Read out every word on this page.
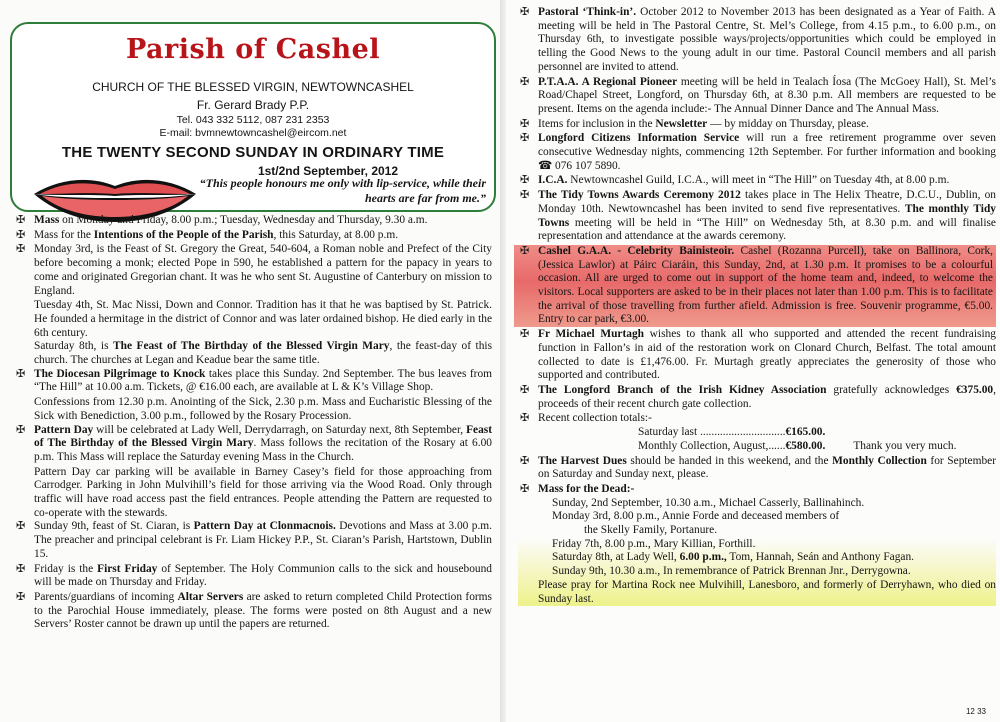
Parish of Cashel
CHURCH OF THE BLESSED VIRGIN, NEWTOWNCASHEL
Fr. Gerard Brady P.P.
Tel. 043 332 5112, 087 231 2353
E-mail: bvmnewtowncashel@eircom.net
THE TWENTY SECOND SUNDAY IN ORDINARY TIME
1st/2nd September, 2012
“This people honours me only with lip-service, while their hearts are far from me.”
✠ Mass on Monday and Friday, 8.00 p.m.; Tuesday, Wednesday and Thursday, 9.30 a.m.

✠ Mass for the Intentions of the People of the Parish, this Saturday, at 8.00 p.m.

✠ Monday 3rd, is the Feast of St. Gregory the Great, 540-604, a Roman noble and Prefect of the City before becoming a monk; elected Pope in 590, he established a pattern for the papacy in years to come and originated Gregorian chant. It was he who sent St. Augustine of Canterbury on mission to England.

Tuesday 4th, St. Mac Nissi, Down and Connor. Tradition has it that he was baptised by St. Patrick. He founded a hermitage in the district of Connor and was later ordained bishop. He died early in the 6th century.

Saturday 8th, is The Feast of The Birthday of the Blessed Virgin Mary, the feast-day of this church. The churches at Legan and Keadue bear the same title.

✠ The Diocesan Pilgrimage to Knock takes place this Sunday. 2nd September. The bus leaves from “The Hill” at 10.00 a.m. Tickets, @ €16.00 each, are available at L & K’s Village Shop.

Confessions from 12.30 p.m. Anointing of the Sick, 2.30 p.m. Mass and Eucharistic Blessing of the Sick with Benediction, 3.00 p.m., followed by the Rosary Procession.

✠ Pattern Day will be celebrated at Lady Well, Derrydarragh, on Saturday next, 8th September, Feast of The Birthday of the Blessed Virgin Mary. Mass follows the recitation of the Rosary at 6.00 p.m. This Mass will replace the Saturday evening Mass in the Church.

Pattern Day car parking will be available in Barney Casey’s field for those approaching from Carrodger. Parking in John Mulvihill’s field for those arriving via the Wood Road. Only through traffic will have road access past the field entrances. People attending the Pattern are requested to co-operate with the stewards.

✠ Sunday 9th, feast of St. Ciaran, is Pattern Day at Clonmacnois. Devotions and Mass at 3.00 p.m. The preacher and principal celebrant is Fr. Liam Hickey P.P., St. Ciaran’s Parish, Hartstown, Dublin 15.

✠ Friday is the First Friday of September. The Holy Communion calls to the sick and housebound will be made on Thursday and Friday.

✠ Parents/guardians of incoming Altar Servers are asked to return completed Child Protection forms to the Parochial House immediately, please. The forms were posted on 8th August and a new Servers’ Roster cannot be drawn up until the papers are returned.

✠ Pastoral ‘Think-in’. October 2012 to November 2013 has been designated as a Year of Faith. A meeting will be held in The Pastoral Centre, St. Mel’s College, from 4.15 p.m., to 6.00 p.m., on Thursday 6th, to investigate possible ways/projects/opportunities which could be employed in telling the Good News to the young adult in our time. Pastoral Council members and all parish personnel are invited to attend.

✠ P.T.A.A. A Regional Pioneer meeting will be held in Tealach Íosa (The McGoey Hall), St. Mel’s Road/Chapel Street, Longford, on Thursday 6th, at 8.30 p.m. All members are requested to be present. Items on the agenda include:- The Annual Dinner Dance and The Annual Mass.

✠ Items for inclusion in the Newsletter — by midday on Thursday, please.

✠ Longford Citizens Information Service will run a free retirement programme over seven consecutive Wednesday nights, commencing 12th September. For further information and booking ☎ 076 107 5890.

✠ I.C.A. Newtowncashel Guild, I.C.A., will meet in “The Hill” on Tuesday 4th, at 8.00 p.m.

✠ The Tidy Towns Awards Ceremony 2012 takes place in The Helix Theatre, D.C.U., Dublin, on Monday 10th. Newtowncashel has been invited to send five representatives. The monthly Tidy Towns meeting will be held in “The Hill” on Wednesday 5th, at 8.30 p.m. and will finalise representation and attendance at the awards ceremony.

✠ Cashel G.A.A. - Celebrity Bainisteoir. Cashel (Rozanna Purcell), take on Ballinora, Cork, (Jessica Lawlor) at Páirc Ciaráin, this Sunday, 2nd, at 1.30 p.m. It promises to be a colourful occasion. All are urged to come out in support of the home team and, indeed, to welcome the visitors. Local supporters are asked to be in their places not later than 1.00 p.m. This is to facilitate the arrival of those travelling from further afield. Admission is free. Souvenir programme, €5.00. Entry to car park, €3.00.

✠ Fr Michael Murtagh wishes to thank all who supported and attended the recent fundraising function in Fallon’s in aid of the restoration work on Clonard Church, Belfast. The total amount collected to date is £1,476.00. Fr. Murtagh greatly appreciates the generosity of those who supported and contributed.

✠ The Longford Branch of the Irish Kidney Association gratefully acknowledges €375.00, proceeds of their recent church gate collection.

✠ Recent collection totals:-

Saturday last ..............................€165.00.

Monthly Collection, August,......€580.00. Thank you very much.

✠ The Harvest Dues should be handed in this weekend, and the Monthly Collection for September on Saturday and Sunday next, please.

✠ Mass for the Dead:-

Sunday, 2nd September, 10.30 a.m., Michael Casserly, Ballinahinch.

Monday 3rd, 8.00 p.m., Annie Forde and deceased members of

the Skelly Family, Portanure.

Friday 7th, 8.00 p.m., Mary Killian, Forthill.

Saturday 8th, at Lady Well, 6.00 p.m., Tom, Hannah, Seán and Anthony Fagan.

Sunday 9th, 10.30 a.m., In remembrance of Patrick Brennan Jnr., Derrygowna.

Please pray for Martina Rock nee Mulvihill, Lanesboro, and formerly of Derryhawn, who died on Sunday last.

12 33
